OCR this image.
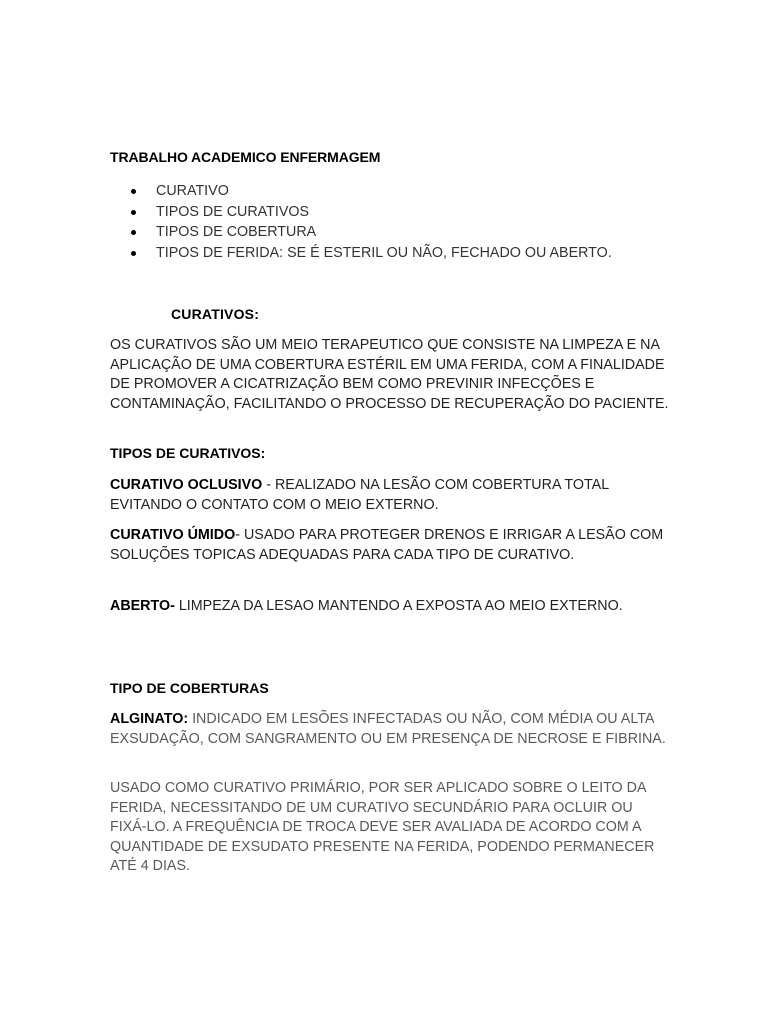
TRABALHO ACADEMICO ENFERMAGEM
CURATIVO
TIPOS DE CURATIVOS
TIPOS DE COBERTURA
TIPOS DE FERIDA: SE É ESTERIL OU NÃO, FECHADO OU ABERTO.
CURATIVOS:

OS CURATIVOS SÃO UM MEIO TERAPEUTICO QUE CONSISTE NA LIMPEZA E NA APLICAÇÃO DE UMA COBERTURA ESTÉRIL EM UMA FERIDA, COM A FINALIDADE DE PROMOVER A CICATRIZAÇÃO BEM COMO PREVINIR INFECÇÕES E CONTAMINAÇÃO, FACILITANDO O PROCESSO DE RECUPERAÇÃO DO PACIENTE.

TIPOS DE CURATIVOS:

CURATIVO OCLUSIVO - REALIZADO NA LESÃO COM COBERTURA TOTAL EVITANDO O CONTATO COM O MEIO EXTERNO.

CURATIVO ÚMIDO- USADO PARA PROTEGER DRENOS E IRRIGAR A LESÃO COM SOLUÇÕES TOPICAS ADEQUADAS PARA CADA TIPO DE CURATIVO.

ABERTO- LIMPEZA DA LESAO MANTENDO A EXPOSTA AO MEIO EXTERNO.

TIPO DE COBERTURAS

ALGINATO: INDICADO EM LESÕES INFECTADAS OU NÃO, COM MÉDIA OU ALTA EXSUDAÇÃO, COM SANGRAMENTO OU EM PRESENÇA DE NECROSE E FIBRINA.

USADO COMO CURATIVO PRIMÁRIO, POR SER APLICADO SOBRE O LEITO DA FERIDA, NECESSITANDO DE UM CURATIVO SECUNDÁRIO PARA OCLUIR OU FIXÁ-LO. A FREQUÊNCIA DE TROCA DEVE SER AVALIADA DE ACORDO COM A QUANTIDADE DE EXSUDATO PRESENTE NA FERIDA, PODENDO PERMANECER ATÉ 4 DIAS.
